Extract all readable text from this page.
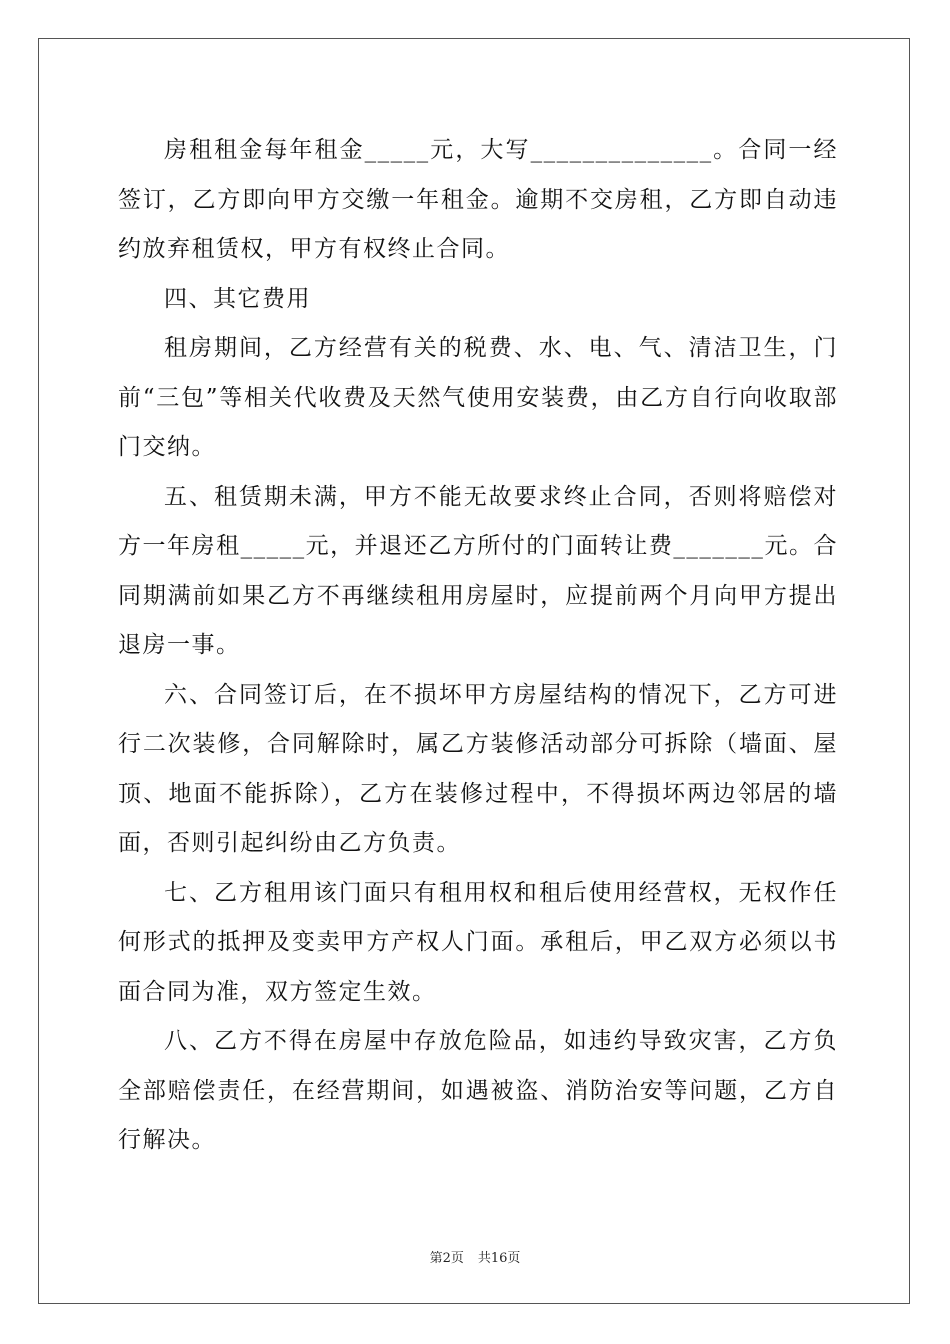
房租租金每年租金_____元，大写______________。合同一经签订，乙方即向甲方交缴一年租金。逾期不交房租，乙方即自动违约放弃租赁权，甲方有权终止合同。

四、其它费用

租房期间，乙方经营有关的税费、水、电、气、清洁卫生，门前“三包”等相关代收费及天然气使用安装费，由乙方自行向收取部门交纳。

五、租赁期未满，甲方不能无故要求终止合同，否则将赔偿对方一年房租_____元，并退还乙方所付的门面转让费_______元。合同期满前如果乙方不再继续租用房屋时，应提前两个月向甲方提出退房一事。

六、合同签订后，在不损坏甲方房屋结构的情况下，乙方可进行二次装修，合同解除时，属乙方装修活动部分可拆除（墙面、屋顶、地面不能拆除），乙方在装修过程中，不得损坏两边邻居的墙面，否则引起纠纷由乙方负责。

七、乙方租用该门面只有租用权和租后使用经营权，无权作任何形式的抵押及变卖甲方产权人门面。承租后，甲乙双方必须以书面合同为准，双方签定生效。

八、乙方不得在房屋中存放危险品，如违约导致灾害，乙方负全部赔偿责任，在经营期间，如遇被盗、消防治安等问题，乙方自行解决。

第2页 共16页
